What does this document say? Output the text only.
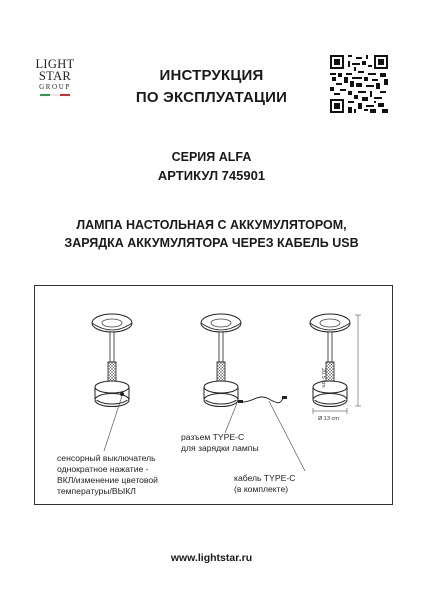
LIGHT
STAR
GROUP
ИНСТРУКЦИЯ
ПО ЭКСПЛУАТАЦИИ
СЕРИЯ ALFA
АРТИКУЛ 745901
ЛАМПА НАСТОЛЬНАЯ С АККУМУЛЯТОРОМ,
ЗАРЯДКА АККУМУЛЯТОРА ЧЕРЕЗ КАБЕЛЬ USB
20,5 cm
Ø 13 cm
сенсорный выключатель
однократное нажатие -
ВКЛ/изменение цветовой
температуры/ВЫКЛ
разъем TYPE-C
для зарядки лампы
кабель TYPE-C
(в комплекте)
www.lightstar.ru
